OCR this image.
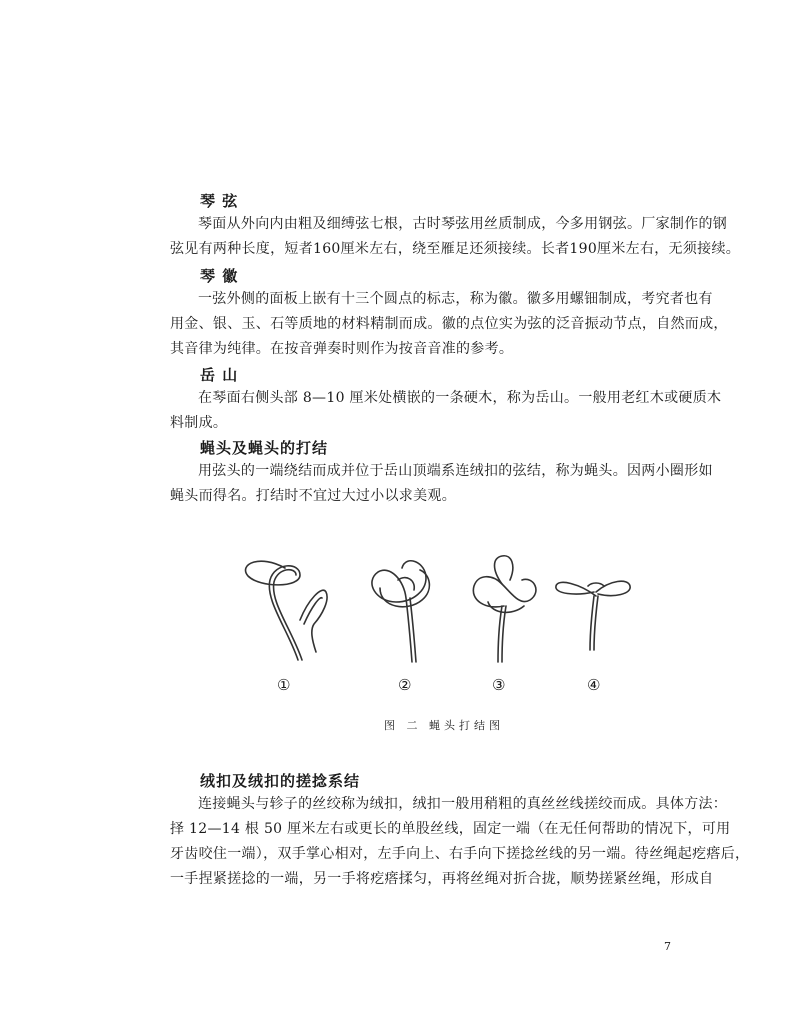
琴 弦
琴面从外向内由粗及细缚弦七根，古时琴弦用丝质制成，今多用钢弦。厂家制作的钢
弦见有两种长度，短者160厘米左右，绕至雁足还须接续。长者190厘米左右，无须接续。
琴 徽
一弦外侧的面板上嵌有十三个圆点的标志，称为徽。徽多用螺钿制成，考究者也有
用金、银、玉、石等质地的材料精制而成。徽的点位实为弦的泛音振动节点，自然而成，
其音律为纯律。在按音弹奏时则作为按音音准的参考。
岳 山
在琴面右侧头部 8—10 厘米处横嵌的一条硬木，称为岳山。一般用老红木或硬质木
料制成。
蝇头及蝇头的打结
用弦头的一端绕结而成并位于岳山顶端系连绒扣的弦结，称为蝇头。因两小圈形如
蝇头而得名。打结时不宜过大过小以求美观。
①	②	③	④
图 二 蝇头打结图
绒扣及绒扣的搓捻系结
连接蝇头与轸子的丝绞称为绒扣，绒扣一般用稍粗的真丝丝线搓绞而成。具体方法：
择 12—14 根 50 厘米左右或更长的单股丝线，固定一端（在无任何帮助的情况下，可用
牙齿咬住一端），双手掌心相对，左手向上、右手向下搓捻丝线的另一端。待丝绳起疙瘩后，
一手捏紧搓捻的一端，另一手将疙瘩揉匀，再将丝绳对折合拢，顺势搓紧丝绳，形成自
7
